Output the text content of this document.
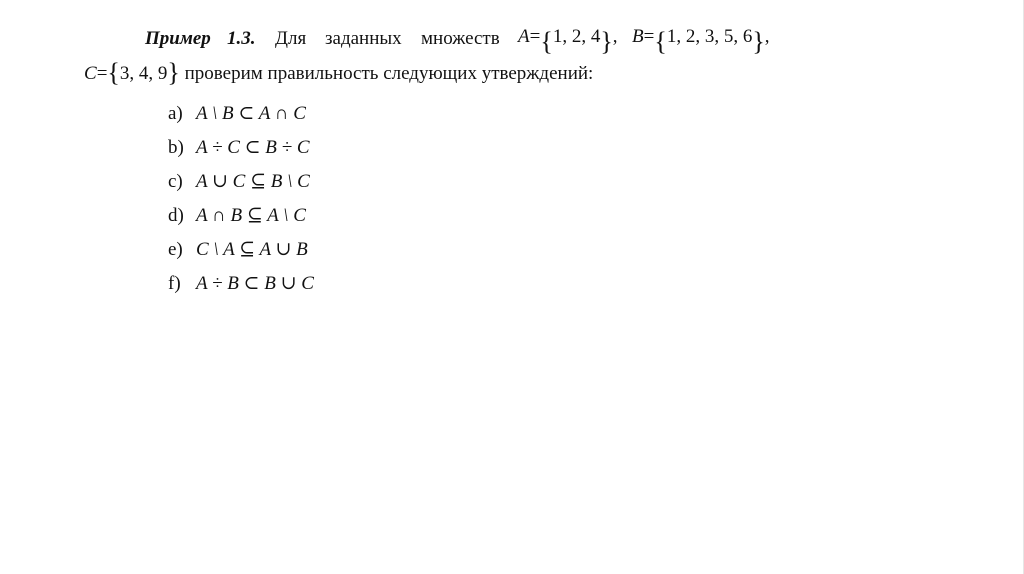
Пример 1.3. Для заданных множеств A={1, 2, 4}, B={1, 2, 3, 5, 6},
C={3, 4, 9} проверим правильность следующих утверждений:
a) A \ B ⊂ A ∩ C
b) A ÷ C ⊂ B ÷ C
c) A ∪ C ⊆ B \ C
d) A ∩ B ⊆ A \ C
e) C \ A ⊆ A ∪ B
f) A ÷ B ⊂ B ∪ C
